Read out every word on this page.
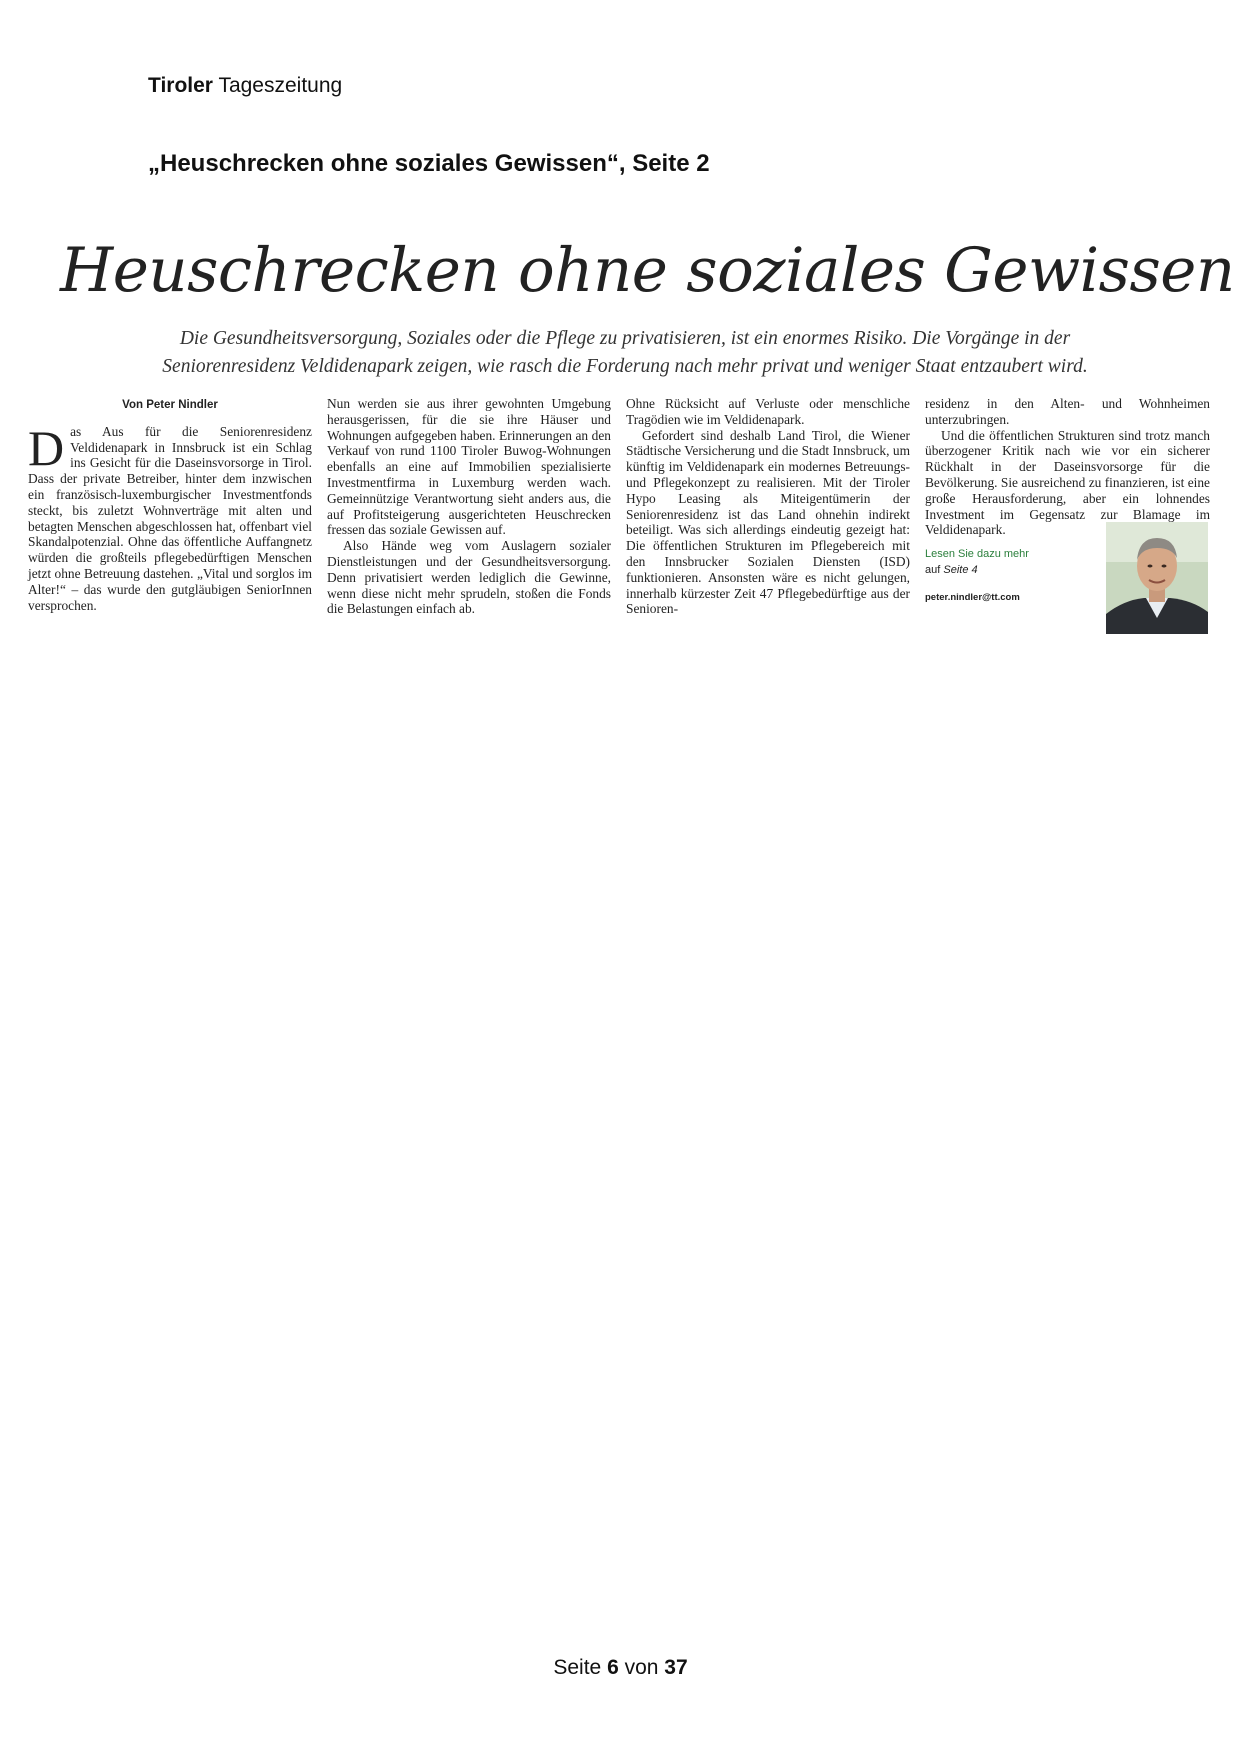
Tiroler Tageszeitung
„Heuschrecken ohne soziales Gewissen“, Seite 2
Heuschrecken ohne soziales Gewissen
Die Gesundheitsversorgung, Soziales oder die Pflege zu privatisieren, ist ein enormes Risiko. Die Vorgänge in der
Seniorenresidenz Veldidenapark zeigen, wie rasch die Forderung nach mehr privat und weniger Staat entzaubert wird.
Von Peter Nindler

Das Aus für die Seniorenresidenz Veldidenapark in Innsbruck ist ein Schlag ins Gesicht für die Daseinsvorsorge in Tirol. Dass der private Betreiber, hinter dem inzwischen ein französisch-luxemburgischer Investmentfonds steckt, bis zuletzt Wohnverträge mit alten und betagten Menschen abgeschlossen hat, offenbart viel Skandalpotenzial. Ohne das öffentliche Auffangnetz würden die großteils pflegebedürftigen Menschen jetzt ohne Betreuung dastehen. „Vital und sorglos im Alter!“ – das wurde den gutgläubigen SeniorInnen versprochen.

Nun werden sie aus ihrer gewohnten Umgebung herausgerissen, für die sie ihre Häuser und Wohnungen aufgegeben haben. Erinnerungen an den Verkauf von rund 1100 Tiroler Buwog-Wohnungen ebenfalls an eine auf Immobilien spezialisierte Investmentfirma in Luxemburg werden wach. Gemeinnützige Verantwortung sieht anders aus, die auf Profitsteigerung ausgerichteten Heuschrecken fressen das soziale Gewissen auf.

Also Hände weg vom Auslagern sozialer Dienstleistungen und der Gesundheitsversorgung. Denn privatisiert werden lediglich die Gewinne, wenn diese nicht mehr sprudeln, stoßen die Fonds die Belastungen einfach ab.

Ohne Rücksicht auf Verluste oder menschliche Tragödien wie im Veldidenapark.

Gefordert sind deshalb Land Tirol, die Wiener Städtische Versicherung und die Stadt Innsbruck, um künftig im Veldidenapark ein modernes Betreuungs- und Pflegekonzept zu realisieren. Mit der Tiroler Hypo Leasing als Miteigentümerin der Seniorenresidenz ist das Land ohnehin indirekt beteiligt. Was sich allerdings eindeutig gezeigt hat: Die öffentlichen Strukturen im Pflegebereich mit den Innsbrucker Sozialen Diensten (ISD) funktionieren. Ansonsten wäre es nicht gelungen, innerhalb kürzester Zeit 47 Pflegebedürftige aus der Senioren-

residenz in den Alten- und Wohnheimen unterzubringen.

Und die öffentlichen Strukturen sind trotz manch überzogener Kritik nach wie vor ein sicherer Rückhalt in der Daseinsvorsorge für die Bevölkerung. Sie ausreichend zu finanzieren, ist eine große Herausforderung, aber ein lohnendes Investment im Gegensatz zur Blamage im Veldidenapark.

Lesen Sie dazu mehr
auf Seite 4
peter.nindler@tt.com
Seite 6 von 37
